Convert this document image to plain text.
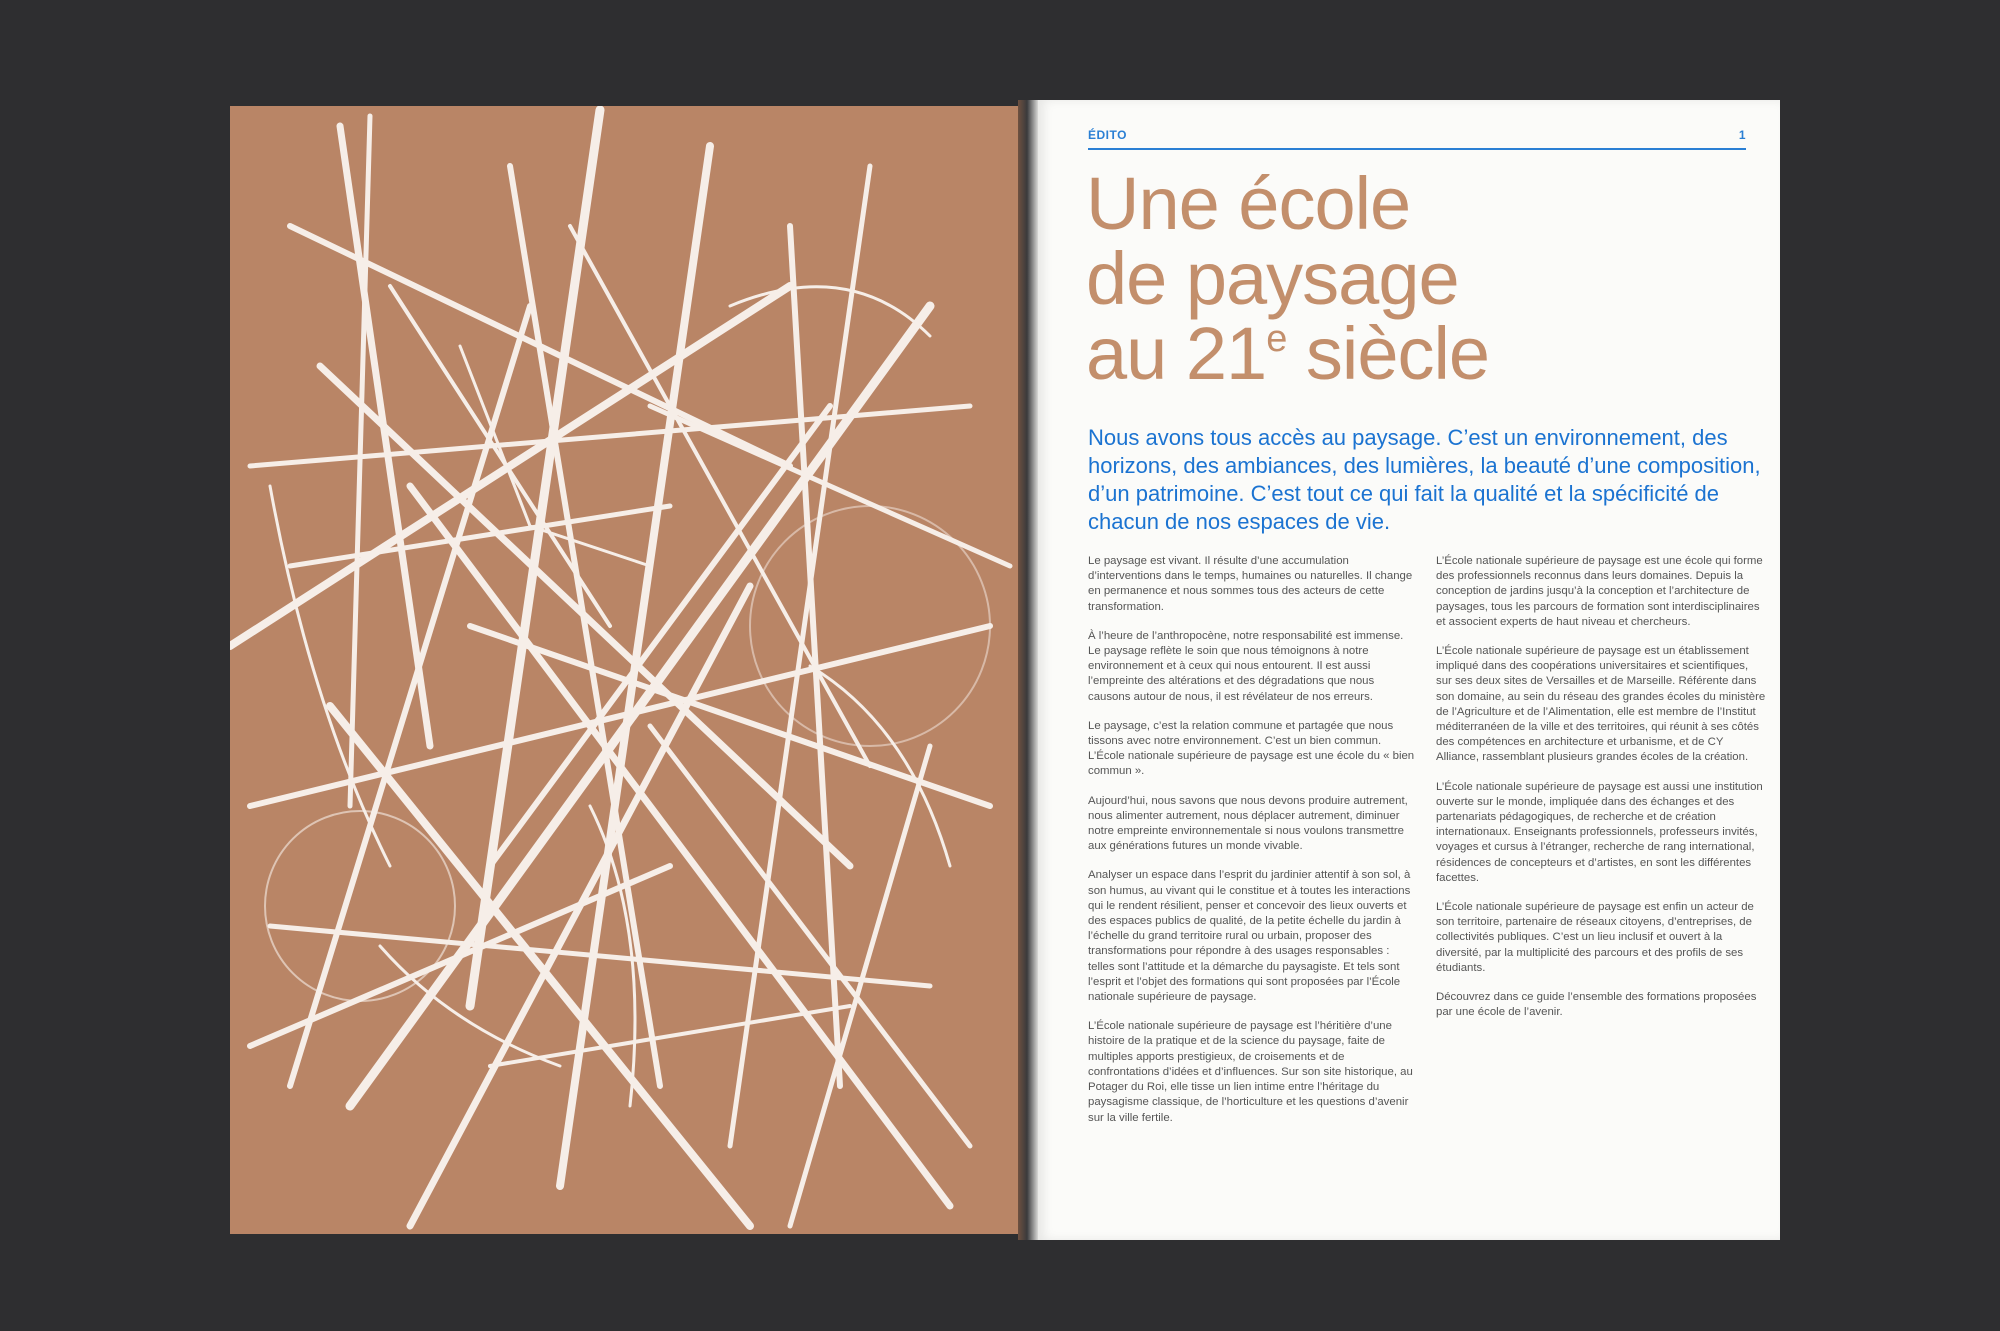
ÉDITO	1
Une école
de paysage
au 21e siècle

Nous avons tous accès au paysage. C’est un environnement, des horizons, des ambiances, des lumières, la beauté d’une composition, d’un patrimoine. C’est tout ce qui fait la qualité et la spécificité de chacun de nos espaces de vie.

Le paysage est vivant. Il résulte d’une accumulation d’interventions dans le temps, humaines ou naturelles. Il change en permanence et nous sommes tous des acteurs de cette transformation.

À l’heure de l’anthropocène, notre responsabilité est immense. Le paysage reflète le soin que nous témoignons à notre environnement et à ceux qui nous entourent. Il est aussi l’empreinte des altérations et des dégradations que nous causons autour de nous, il est révélateur de nos erreurs.

Le paysage, c’est la relation commune et partagée que nous tissons avec notre environnement. C’est un bien commun. L’École nationale supérieure de paysage est une école du « bien commun ».

Aujourd’hui, nous savons que nous devons produire autrement, nous alimenter autrement, nous déplacer autrement, diminuer notre empreinte environnementale si nous voulons transmettre aux générations futures un monde vivable.

Analyser un espace dans l’esprit du jardinier attentif à son sol, à son humus, au vivant qui le constitue et à toutes les interactions qui le rendent résilient, penser et concevoir des lieux ouverts et des espaces publics de qualité, de la petite échelle du jardin à l’échelle du grand territoire rural ou urbain, proposer des transformations pour répondre à des usages responsables : telles sont l’attitude et la démarche du paysagiste. Et tels sont l’esprit et l’objet des formations qui sont proposées par l’École nationale supérieure de paysage.

L’École nationale supérieure de paysage est l’héritière d’une histoire de la pratique et de la science du paysage, faite de multiples apports prestigieux, de croisements et de confrontations d’idées et d’influences. Sur son site historique, au Potager du Roi, elle tisse un lien intime entre l’héritage du paysagisme classique, de l’horticulture et les questions d’avenir sur la ville fertile.

L’École nationale supérieure de paysage est une école qui forme des professionnels reconnus dans leurs domaines. Depuis la conception de jardins jusqu’à la conception et l’architecture de paysages, tous les parcours de formation sont interdisciplinaires et associent experts de haut niveau et chercheurs.

L’École nationale supérieure de paysage est un établissement impliqué dans des coopérations universitaires et scientifiques, sur ses deux sites de Versailles et de Marseille. Référente dans son domaine, au sein du réseau des grandes écoles du ministère de l’Agriculture et de l’Alimentation, elle est membre de l’Institut méditerranéen de la ville et des territoires, qui réunit à ses côtés des compétences en architecture et urbanisme, et de CY Alliance, rassemblant plusieurs grandes écoles de la création.

L’École nationale supérieure de paysage est aussi une institution ouverte sur le monde, impliquée dans des échanges et des partenariats pédagogiques, de recherche et de création internationaux. Enseignants professionnels, professeurs invités, voyages et cursus à l’étranger, recherche de rang international, résidences de concepteurs et d’artistes, en sont les différentes facettes.

L’École nationale supérieure de paysage est enfin un acteur de son territoire, partenaire de réseaux citoyens, d’entreprises, de collectivités publiques. C’est un lieu inclusif et ouvert à la diversité, par la multiplicité des parcours et des profils de ses étudiants.

Découvrez dans ce guide l’ensemble des formations proposées par une école de l’avenir.
